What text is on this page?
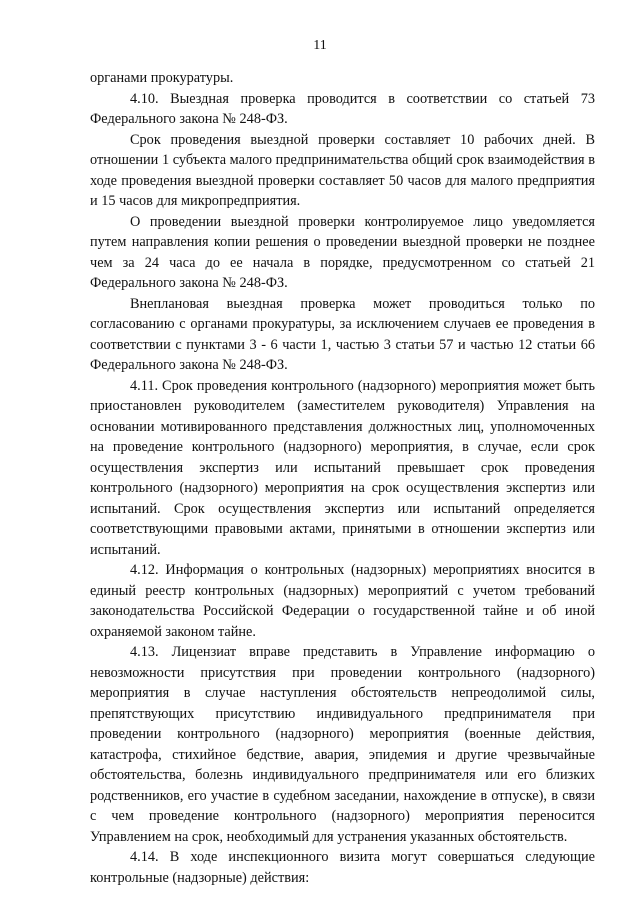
11

органами прокуратуры.

4.10. Выездная проверка проводится в соответствии со статьей 73 Федерального закона № 248-ФЗ.

Срок проведения выездной проверки составляет 10 рабочих дней. В отношении 1 субъекта малого предпринимательства общий срок взаимодействия в ходе проведения выездной проверки составляет 50 часов для малого предприятия и 15 часов для микропредприятия.

О проведении выездной проверки контролируемое лицо уведомляется путем направления копии решения о проведении выездной проверки не позднее чем за 24 часа до ее начала в порядке, предусмотренном со статьей 21 Федерального закона № 248-ФЗ.

Внеплановая выездная проверка может проводиться только по согласованию с органами прокуратуры, за исключением случаев ее проведения в соответствии с пунктами 3 - 6 части 1, частью 3 статьи 57 и частью 12 статьи 66 Федерального закона № 248-ФЗ.

4.11. Срок проведения контрольного (надзорного) мероприятия может быть приостановлен руководителем (заместителем руководителя) Управления на основании мотивированного представления должностных лиц, уполномоченных на проведение контрольного (надзорного) мероприятия, в случае, если срок осуществления экспертиз или испытаний превышает срок проведения контрольного (надзорного) мероприятия на срок осуществления экспертиз или испытаний. Срок осуществления экспертиз или испытаний определяется соответствующими правовыми актами, принятыми в отношении экспертиз или испытаний.

4.12. Информация о контрольных (надзорных) мероприятиях вносится в единый реестр контрольных (надзорных) мероприятий с учетом требований законодательства Российской Федерации о государственной тайне и об иной охраняемой законом тайне.

4.13. Лицензиат вправе представить в Управление информацию о невозможности присутствия при проведении контрольного (надзорного) мероприятия в случае наступления обстоятельств непреодолимой силы, препятствующих присутствию индивидуального предпринимателя при проведении контрольного (надзорного) мероприятия (военные действия, катастрофа, стихийное бедствие, авария, эпидемия и другие чрезвычайные обстоятельства, болезнь индивидуального предпринимателя или его близких родственников, его участие в судебном заседании, нахождение в отпуске), в связи с чем проведение контрольного (надзорного) мероприятия переносится Управлением на срок, необходимый для устранения указанных обстоятельств.

4.14. В ходе инспекционного визита могут совершаться следующие контрольные (надзорные) действия:
